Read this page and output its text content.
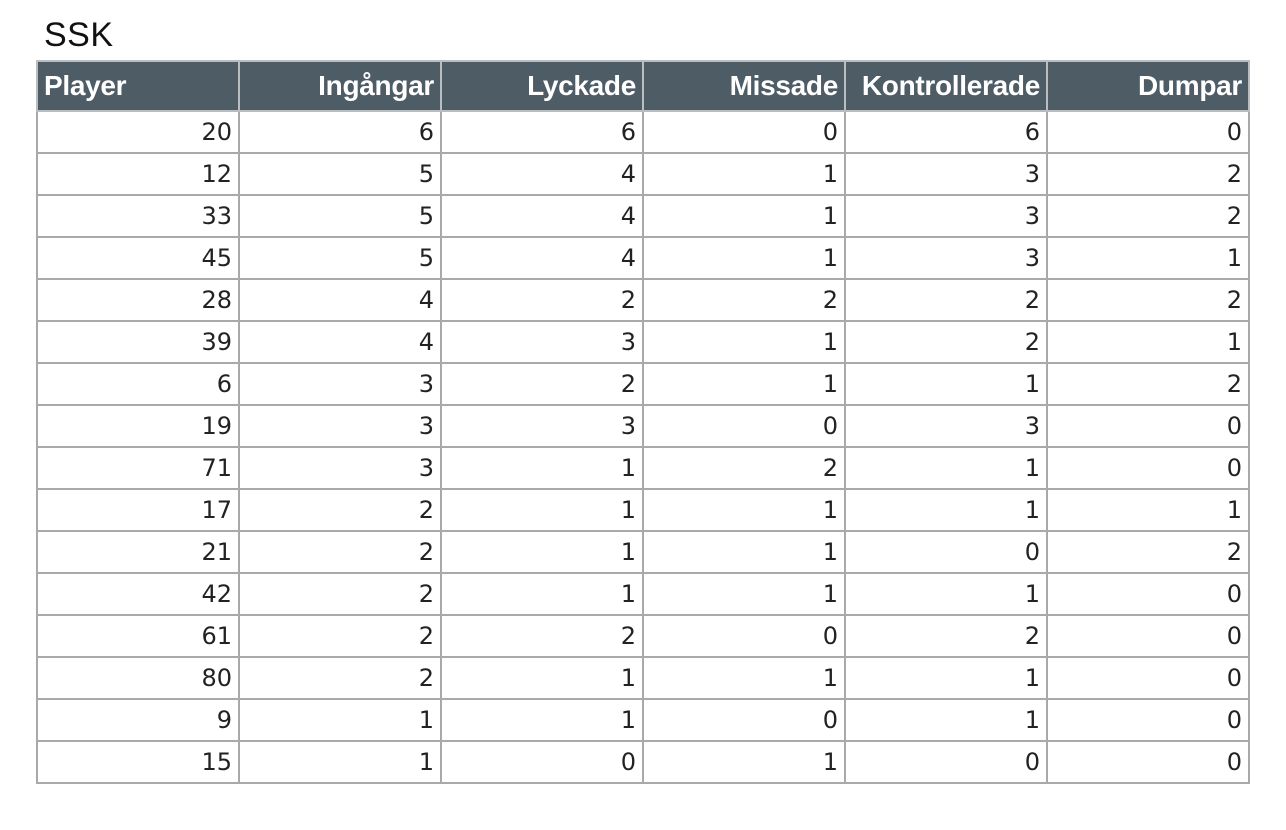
SSK
Player	Ingångar	Lyckade	Missade	Kontrollerade	Dumpar
20	6	6	0	6	0
12	5	4	1	3	2
33	5	4	1	3	2
45	5	4	1	3	1
28	4	2	2	2	2
39	4	3	1	2	1
6	3	2	1	1	2
19	3	3	0	3	0
71	3	1	2	1	0
17	2	1	1	1	1
21	2	1	1	0	2
42	2	1	1	1	0
61	2	2	0	2	0
80	2	1	1	1	0
9	1	1	0	1	0
15	1	0	1	0	0
